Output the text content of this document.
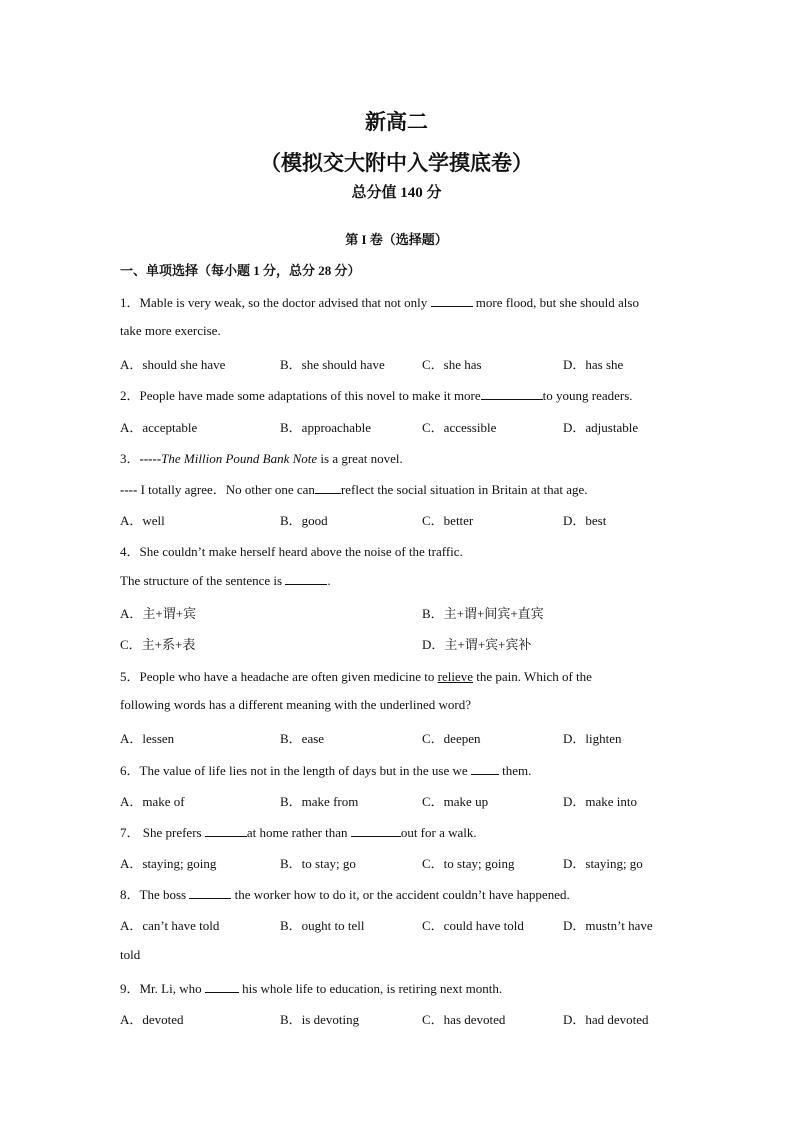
新高二
（模拟交大附中入学摸底卷）
总分值 140 分
第 I 卷（选择题）
一、单项选择（每小题 1 分，总分 28 分）
1．Mable is very weak, so the doctor advised that not only	more flood, but she should also
take more exercise.
A．should she have	B．she should have	C．she has	D．has she
2．People have made some adaptations of this novel to make it more	to young readers.
A．acceptable	B．approachable	C．accessible	D．adjustable
3．-----The Million Pound Bank Note is a great novel.
---- I totally agree．No other one can reflect the social situation in Britain at that age.
A．well	B．good	C．better	D．best
4．She couldn’t make herself heard above the noise of the traffic.
The structure of the sentence is	.
A．主+谓+宾	B．主+谓+间宾+直宾
C．主+系+表	D．主+谓+宾+宾补
5．People who have a headache are often given medicine to relieve the pain. Which of the
following words has a different meaning with the underlined word?
A．lessen	B．ease	C．deepen	D．lighten
6．The value of life lies not in the length of days but in the use we	them.
A．make of	B．make from	C．make up	D．make into
7． She prefers	at home rather than	out for a walk.
A．staying; going	B．to stay; go	C．to stay; going	D．staying; go
8．The boss	the worker how to do it, or the accident couldn’t have happened.
A．can’t have told	B．ought to tell	C．could have told	D．mustn’t have
told
9．Mr. Li, who	his whole life to education, is retiring next month.
A．devoted	B．is devoting	C．has devoted	D．had devoted
